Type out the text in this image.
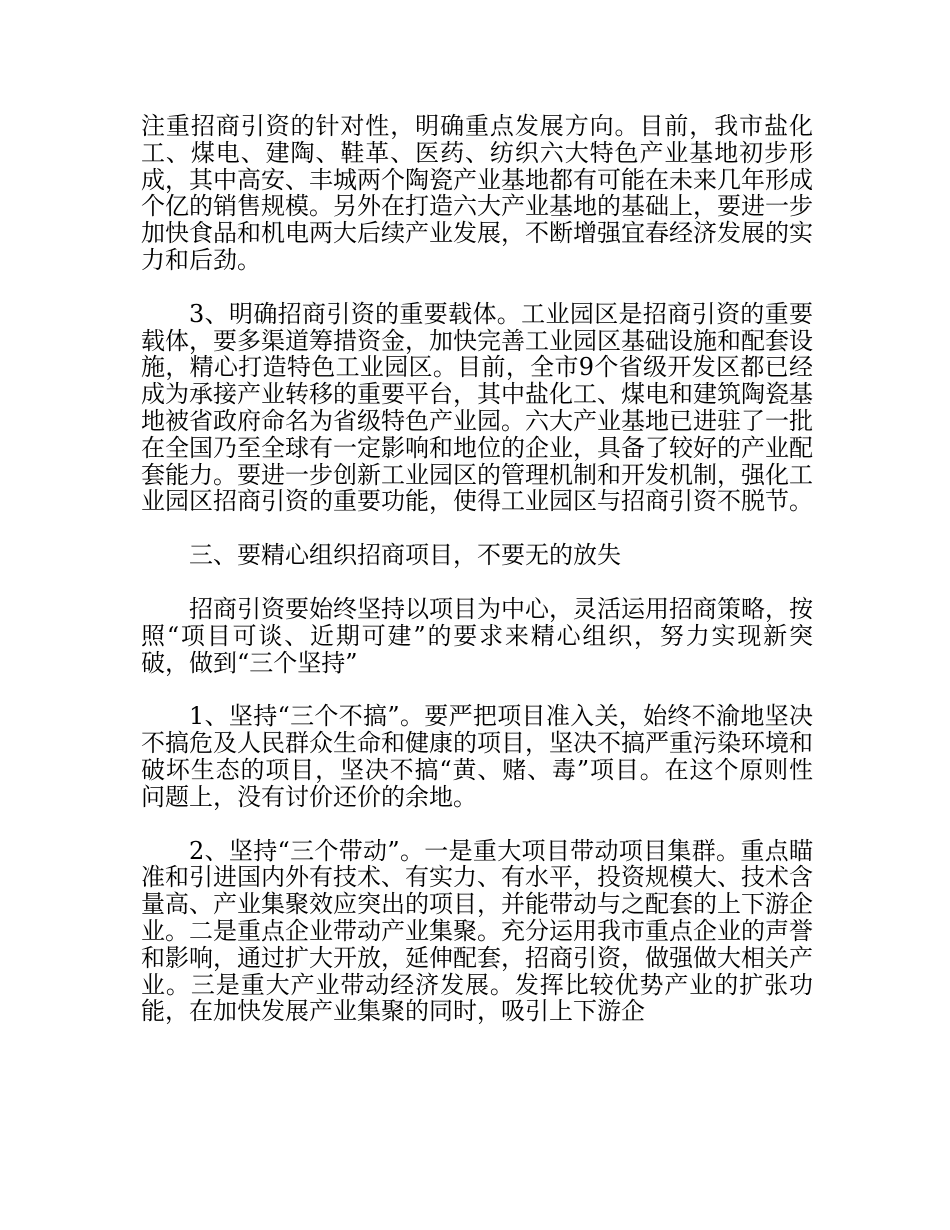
注重招商引资的针对性，明确重点发展方向。目前，我市盐化工、煤电、建陶、鞋革、医药、纺织六大特色产业基地初步形成，其中高安、丰城两个陶瓷产业基地都有可能在未来几年形成个亿的销售规模。另外在打造六大产业基地的基础上，要进一步加快食品和机电两大后续产业发展，不断增强宜春经济发展的实力和后劲。

3、明确招商引资的重要载体。工业园区是招商引资的重要载体，要多渠道筹措资金，加快完善工业园区基础设施和配套设施，精心打造特色工业园区。目前，全市9个省级开发区都已经成为承接产业转移的重要平台，其中盐化工、煤电和建筑陶瓷基地被省政府命名为省级特色产业园。六大产业基地已进驻了一批在全国乃至全球有一定影响和地位的企业，具备了较好的产业配套能力。要进一步创新工业园区的管理机制和开发机制，强化工业园区招商引资的重要功能，使得工业园区与招商引资不脱节。

三、要精心组织招商项目，不要无的放失

招商引资要始终坚持以项目为中心，灵活运用招商策略，按照“项目可谈、近期可建”的要求来精心组织，努力实现新突破，做到“三个坚持”

1、坚持“三个不搞”。要严把项目准入关，始终不渝地坚决不搞危及人民群众生命和健康的项目，坚决不搞严重污染环境和破坏生态的项目，坚决不搞“黄、赌、毒”项目。在这个原则性问题上，没有讨价还价的余地。

2、坚持“三个带动”。一是重大项目带动项目集群。重点瞄准和引进国内外有技术、有实力、有水平，投资规模大、技术含量高、产业集聚效应突出的项目，并能带动与之配套的上下游企业。二是重点企业带动产业集聚。充分运用我市重点企业的声誉和影响，通过扩大开放，延伸配套，招商引资，做强做大相关产业。三是重大产业带动经济发展。发挥比较优势产业的扩张功能，在加快发展产业集聚的同时，吸引上下游企
